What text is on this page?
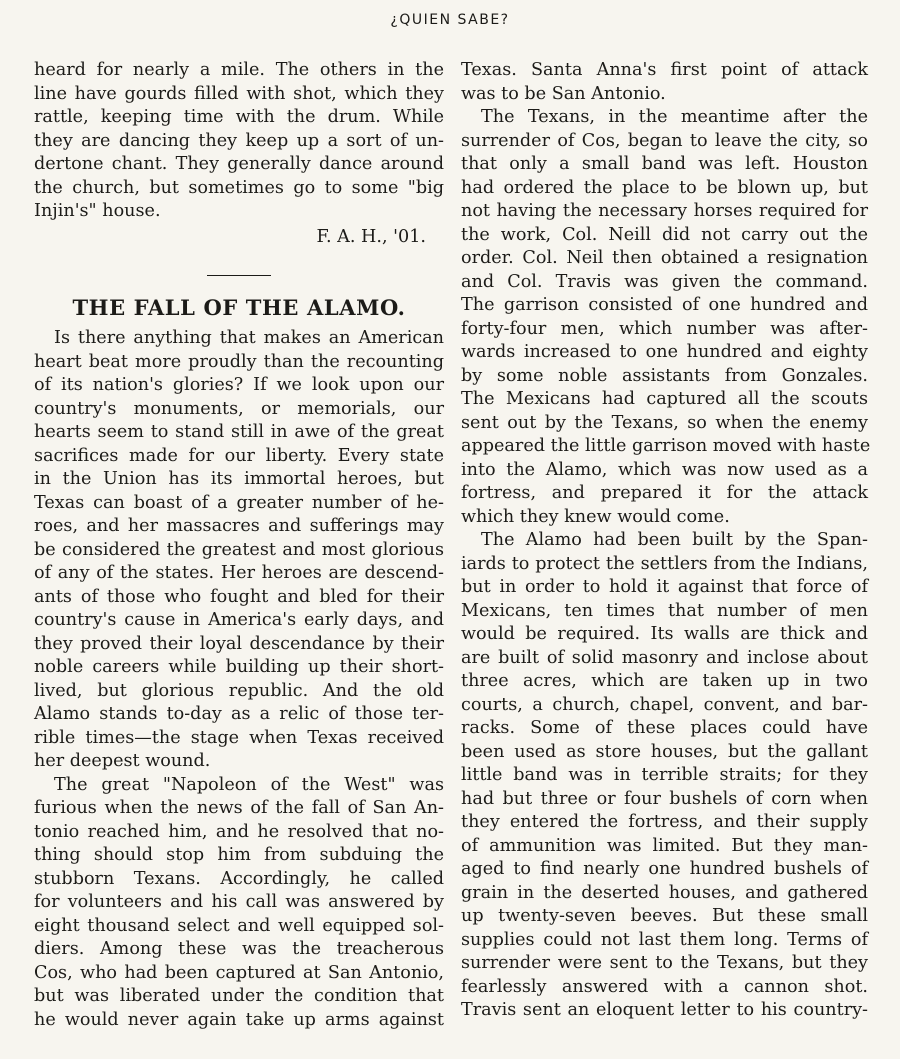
¿QUIEN SABE?
heard for nearly a mile. The others in the
line have gourds filled with shot, which they
rattle, keeping time with the drum. While
they are dancing they keep up a sort of un-
dertone chant. They generally dance around
the church, but sometimes go to some "big
Injin's" house.
F. A. H., '01.
THE FALL OF THE ALAMO.
Is there anything that makes an American
heart beat more proudly than the recounting
of its nation's glories? If we look upon our
country's monuments, or memorials, our
hearts seem to stand still in awe of the great
sacrifices made for our liberty. Every state
in the Union has its immortal heroes, but
Texas can boast of a greater number of he-
roes, and her massacres and sufferings may
be considered the greatest and most glorious
of any of the states. Her heroes are descend-
ants of those who fought and bled for their
country's cause in America's early days, and
they proved their loyal descendance by their
noble careers while building up their short-
lived, but glorious republic. And the old
Alamo stands to-day as a relic of those ter-
rible times—the stage when Texas received
her deepest wound.
The great "Napoleon of the West" was
furious when the news of the fall of San An-
tonio reached him, and he resolved that no-
thing should stop him from subduing the
stubborn Texans. Accordingly, he called
for volunteers and his call was answered by
eight thousand select and well equipped sol-
diers. Among these was the treacherous
Cos, who had been captured at San Antonio,
but was liberated under the condition that
he would never again take up arms against
Texas. Santa Anna's first point of attack
was to be San Antonio.
The Texans, in the meantime after the
surrender of Cos, began to leave the city, so
that only a small band was left. Houston
had ordered the place to be blown up, but
not having the necessary horses required for
the work, Col. Neill did not carry out the
order. Col. Neil then obtained a resignation
and Col. Travis was given the command.
The garrison consisted of one hundred and
forty-four men, which number was after-
wards increased to one hundred and eighty
by some noble assistants from Gonzales.
The Mexicans had captured all the scouts
sent out by the Texans, so when the enemy
appeared the little garrison moved with haste
into the Alamo, which was now used as a
fortress, and prepared it for the attack
which they knew would come.
The Alamo had been built by the Span-
iards to protect the settlers from the Indians,
but in order to hold it against that force of
Mexicans, ten times that number of men
would be required. Its walls are thick and
are built of solid masonry and inclose about
three acres, which are taken up in two
courts, a church, chapel, convent, and bar-
racks. Some of these places could have
been used as store houses, but the gallant
little band was in terrible straits; for they
had but three or four bushels of corn when
they entered the fortress, and their supply
of ammunition was limited. But they man-
aged to find nearly one hundred bushels of
grain in the deserted houses, and gathered
up twenty-seven beeves. But these small
supplies could not last them long. Terms of
surrender were sent to the Texans, but they
fearlessly answered with a cannon shot.
Travis sent an eloquent letter to his country-
